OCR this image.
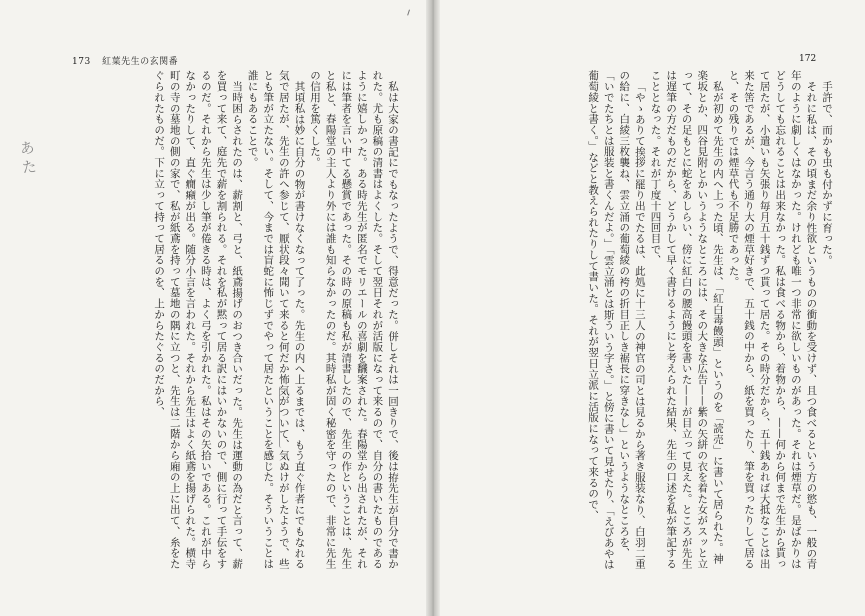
173 紅葉先生の玄関番
あた	私は大家の書記にでもなったようで、得意だった。併しそれは一回きりで、後は拵先生が自分で書かれた。尤も原稿の清書はよくした。そして翌日それが活版になって来るので、自分の書いたものであるように嬉しかった。ある時先生が匿名でモリエールの喜劇を飜案された。春陽堂から出されたが、それには筆者を言い中てる懸賞であった。その時の原稿も私が清書したので、先生の作ということは、先生と私と、春陽堂の主人より外には誰も知らなかったのだ。其時私が固く秘密を守ったので、非常に先生の信用を篤くした。

其頃私は妙に自分の物が書けなくなって了った。先生の内へ上るまでは、もう直ぐ作者にでもなれる気で居たが、先生の許へ参じて、厭状段々聞いて来ると何だか怖気がついて、気ぬけがしたようで、些とも筆が立たない。そして、今までは盲蛇に怖じずでやって居たということを感じた。そういうことは誰にもあることで。

当時困らされたのは、薪割と、弓と、紙鳶揚げのおつき合いだった。先生は運動の為だと言って、薪を買って来て、庭先で薪を割られる。それを私が黙って居る訳にはいかないので、側に行って手伝をするのだ。それから先生は少し筆が倦きる時は、よく弓を引かれた。私はその矢拾いである。これが中らなかったりして、直ぐ癇癪が出る。随分小言を言われた。それから先生はよく紙鳶を揚げられた。横寺町の寺の墓地の側の家で、私が紙鳶を持って墓地の隅に立つと、先生は二階から廂の上に出て、糸をたぐられたものだ。下に立って持って居るのを、上からたぐるのだから、

172

手許で、而かも虫も付かずに育った。

それに私は、その頃まだ余り性欲というものの衝動を受けず、且つ食べるという方の慾も、一般の青年のように劇しくはなかった。けれども唯一つ非常に欲しいものがあった。それは煙草だ。是ばかりはどうしても忘れることは出来なかった。私は食べる物から、着物から、——何から何まで先生から貰って居たが、小遣いも矢張り毎月五十銭ずつ貰って居た。その時分だから、五十銭あれば大抵なことは出来た筈であるが、今言う通り大の煙草好きで、五十銭の中から、紙を買ったり、筆を買ったりして居ると、その残りでは煙草代も不足勝であった。

私が初めて先生の内へ上った頃、先生は、「紅白毒饅頭」というのを「読売」に書いて居られた。神楽坂とか、四谷見附とかいうようなところには、その大きな広告——紫の矢絣の衣を着た女がスッと立って、その足もとに蛇をあしらい、傍に紅白の腰高饅頭を書いた——が目立って見えた。ところが先生は遅筆の方だものだから、どうかして早く書けるようにと考えられた結果、先生の口述を私が筆記することとなった。それが丁度十四回目で、

「やゝありて挨拶に罷り出でたるは、此処に十三人の神官の司とは見るから著き服装なり、白羽二重の給に、白綾三枚襲ね、雲立涌の葡萄綾の袴の折目正しき裾長に穿きなし」というようなところを、「いでたちとは服装と書くんだよ。」「雲立涌とは斯ういう字さ。」と傍に書いて見せたり、「えびあやは葡萄綾と書く。」などと教えられたりして書いた。それが翌日立派に活版になって来るので、
